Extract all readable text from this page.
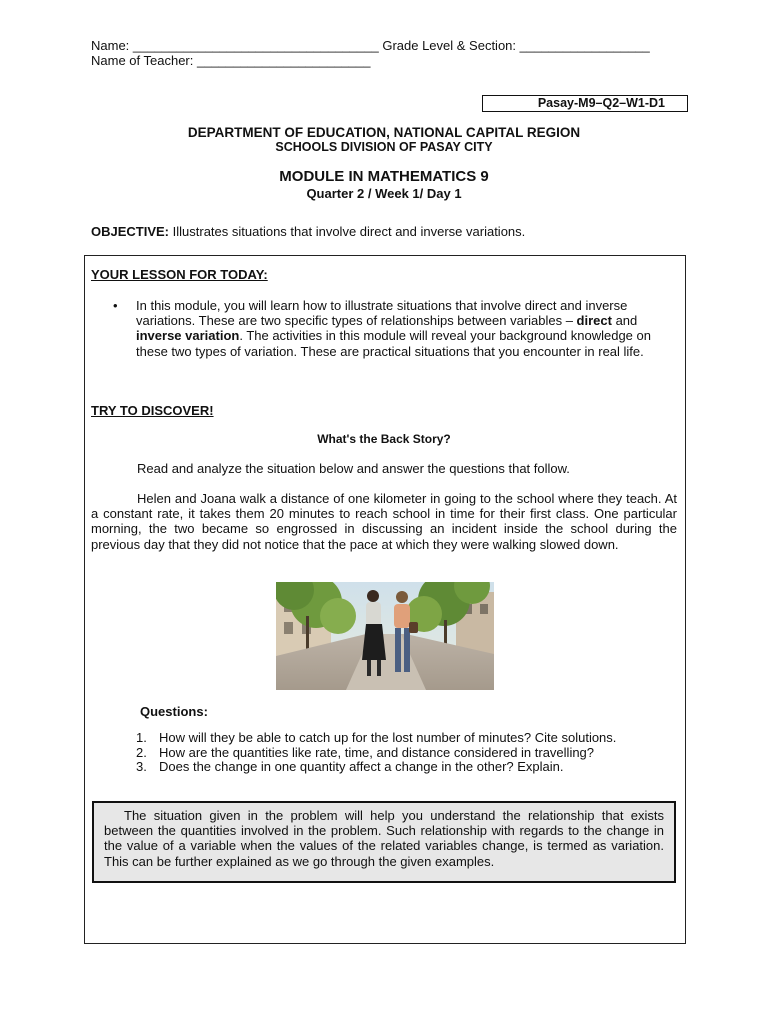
Name: __________________________________ Grade Level & Section: __________________
Name of Teacher: ________________________
Pasay-M9–Q2–W1-D1
DEPARTMENT OF EDUCATION, NATIONAL CAPITAL REGION
SCHOOLS DIVISION OF PASAY CITY
MODULE IN MATHEMATICS 9
Quarter 2 / Week 1/ Day 1
OBJECTIVE: Illustrates situations that involve direct and inverse variations.
YOUR LESSON FOR TODAY:
• In this module, you will learn how to illustrate situations that involve direct and inverse variations. These are two specific types of relationships between variables – direct and inverse variation. The activities in this module will reveal your background knowledge on these two types of variation. These are practical situations that you encounter in real life.
TRY TO DISCOVER!
What's the Back Story?
Read and analyze the situation below and answer the questions that follow.
Helen and Joana walk a distance of one kilometer in going to the school where they teach. At a constant rate, it takes them 20 minutes to reach school in time for their first class. One particular morning, the two became so engrossed in discussing an incident inside the school during the previous day that they did not notice that the pace at which they were walking slowed down.
Questions:
1. How will they be able to catch up for the lost number of minutes? Cite solutions.
2. How are the quantities like rate, time, and distance considered in travelling?
3. Does the change in one quantity affect a change in the other? Explain.
The situation given in the problem will help you understand the relationship that exists between the quantities involved in the problem. Such relationship with regards to the change in the value of a variable when the values of the related variables change, is termed as variation. This can be further explained as we go through the given examples.
